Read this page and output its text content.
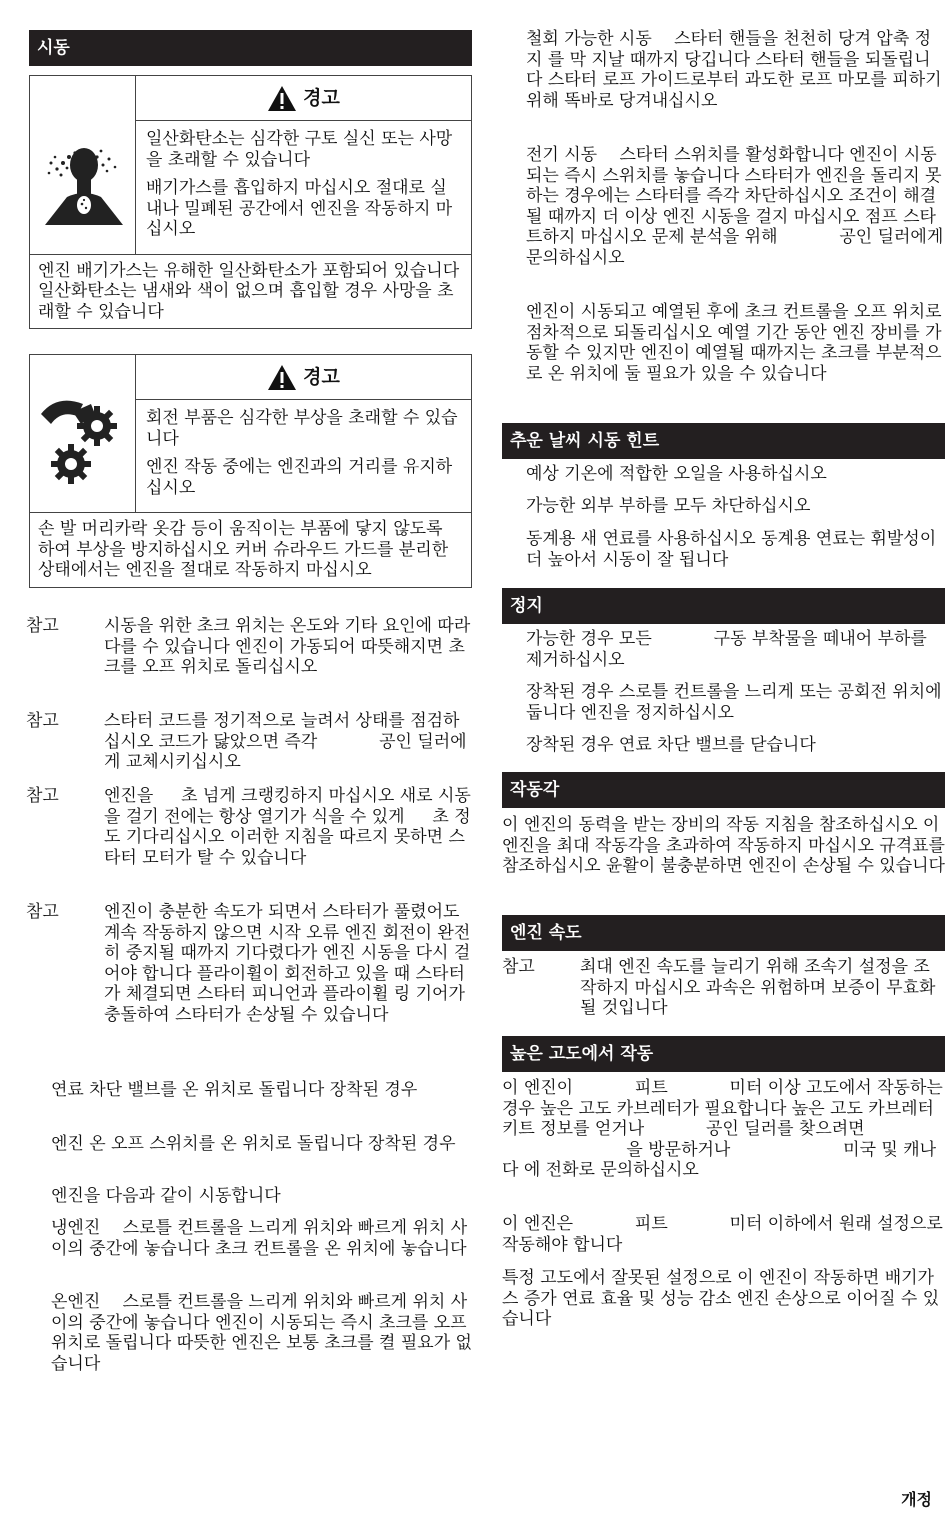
시동
경고

일산화탄소는 심각한 구토 실신 또는 사망을 초래할 수 있습니다

배기가스를 흡입하지 마십시오 절대로 실내나 밀폐된 공간에서 엔진을 작동하지 마십시오

엔진 배기가스는 유해한 일산화탄소가 포함되어 있습니다 일산화탄소는 냄새와 색이 없으며 흡입할 경우 사망을 초래할 수 있습니다
경고

회전 부품은 심각한 부상을 초래할 수 있습니다

엔진 작동 중에는 엔진과의 거리를 유지하십시오

손 발 머리카락 옷감 등이 움직이는 부품에 닿지 않도록 하여 부상을 방지하십시오 커버 슈라우드 가드를 분리한 상태에서는 엔진을 절대로 작동하지 마십시오
참고	시동을 위한 초크 위치는 온도와 기타 요인에 따라 다를 수 있습니다 엔진이 가동되어 따뜻해지면 초크를 오프 위치로 돌리십시오
참고	스타터 코드를 정기적으로 늘려서 상태를 점검하십시오 코드가 닳았으면 즉각 　　　 공인 딜러에게 교체시키십시오
참고	엔진을 　 초 넘게 크랭킹하지 마십시오 새로 시동을 걸기 전에는 항상 열기가 식을 수 있게 　 초 정도 기다리십시오 이러한 지침을 따르지 못하면 스타터 모터가 탈 수 있습니다
참고	엔진이 충분한 속도가 되면서 스타터가 풀렸어도 계속 작동하지 않으면 시작 오류 엔진 회전이 완전히 중지될 때까지 기다렸다가 엔진 시동을 다시 걸어야 합니다 플라이휠이 회전하고 있을 때 스타터가 체결되면 스타터 피니언과 플라이휠 링 기어가 충돌하여 스타터가 손상될 수 있습니다
연료 차단 밸브를 온 위치로 돌립니다 장착된 경우
엔진 온 오프 스위치를 온 위치로 돌립니다 장착된 경우
엔진을 다음과 같이 시동합니다
냉엔진 　스로틀 컨트롤을 느리게 위치와 빠르게 위치 사이의 중간에 놓습니다 초크 컨트롤을 온 위치에 놓습니다
온엔진 　스로틀 컨트롤을 느리게 위치와 빠르게 위치 사이의 중간에 놓습니다 엔진이 시동되는 즉시 초크를 오프 위치로 돌립니다 따뜻한 엔진은 보통 초크를 켤 필요가 없습니다
철회 가능한 시동 　스타터 핸들을 천천히 당겨 압축 정지 를 막 지날 때까지 당깁니다 스타터 핸들을 되돌립니다 스타터 로프 가이드로부터 과도한 로프 마모를 피하기 위해 똑바로 당겨내십시오
전기 시동 　스타터 스위치를 활성화합니다 엔진이 시동되는 즉시 스위치를 놓습니다 스타터가 엔진을 돌리지 못하는 경우에는 스타터를 즉각 차단하십시오 조건이 해결될 때까지 더 이상 엔진 시동을 걸지 마십시오 점프 스타트하지 마십시오 문제 분석을 위해 　　　 공인 딜러에게 문의하십시오
엔진이 시동되고 예열된 후에 초크 컨트롤을 오프 위치로 점차적으로 되돌리십시오 예열 기간 동안 엔진 장비를 가동할 수 있지만 엔진이 예열될 때까지는 초크를 부분적으로 온 위치에 둘 필요가 있을 수 있습니다
추운 날씨 시동 힌트
예상 기온에 적합한 오일을 사용하십시오
가능한 외부 부하를 모두 차단하십시오
동계용 새 연료를 사용하십시오 동계용 연료는 휘발성이 더 높아서 시동이 잘 됩니다
정지
가능한 경우 모든 　　　 구동 부착물을 떼내어 부하를 제거하십시오
장착된 경우 스로틀 컨트롤을 느리게 또는 공회전 위치에 둡니다 엔진을 정지하십시오
장착된 경우 연료 차단 밸브를 닫습니다
작동각
이 엔진의 동력을 받는 장비의 작동 지침을 참조하십시오 이 엔진을 최대 작동각을 초과하여 작동하지 마십시오 규격표를 참조하십시오 윤활이 불충분하면 엔진이 손상될 수 있습니다
엔진 속도
참고	최대 엔진 속도를 늘리기 위해 조속기 설정을 조작하지 마십시오 과속은 위험하며 보증이 무효화될 것입니다
높은 고도에서 작동
이 엔진이 　　　 피트 　　　 미터 이상 고도에서 작동하는 경우 높은 고도 카브레터가 필요합니다 높은 고도 카브레터 키트 정보를 얻거나 　　　 공인 딜러를 찾으려면 　　　　　　　 을 방문하거나 　　　　　　 미국 및 캐나다 에 전화로 문의하십시오
이 엔진은 　　　 피트 　　　 미터 이하에서 원래 설정으로 작동해야 합니다
특정 고도에서 잘못된 설정으로 이 엔진이 작동하면 배기가스 증가 연료 효율 및 성능 감소 엔진 손상으로 이어질 수 있습니다
개정
